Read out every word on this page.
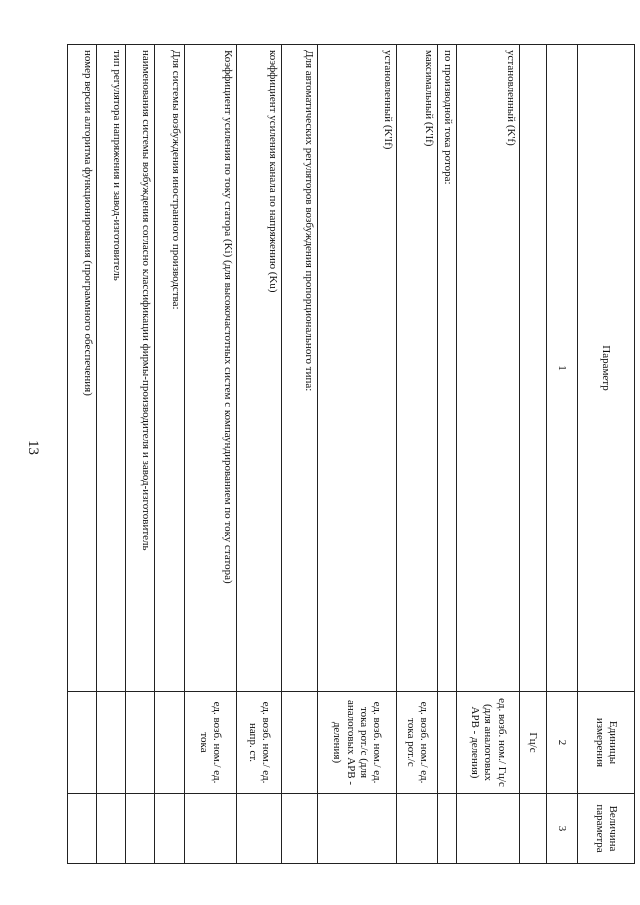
13
Параметр	Единицы измерения	Величина параметра
1	2	3
	Гц/с	
установленный (K'f)	ед. возб. ном./ Гц/с (для аналоговых АРВ - деления)	
по производной тока ротора:		
максимальный (K'If)	ед. возб. ном./ ед. тока рот./с	
установленный (K'If)	ед. возб. ном./ ед. тока рот./с (для аналоговых АРВ - деления)	
Для автоматических регуляторов возбуждения пропорционального типа:		
коэффициент усиления канала по напряжению (Ku)	ед. возб. ном./ ед. напр. ст.	
Коэффициент усиления по току статора (Ki) (для высокочастотных систем с компаундированием по току статора)	ед. возб. ном./ ед. тока	
Для системы возбуждения иностранного производства:		
наименования системы возбуждения согласно классификации фирмы-производителя и завод-изготовитель		
тип регулятора напряжения и завод-изготовитель		
номер версии алгоритма функционирования (программного обеспечения)		
